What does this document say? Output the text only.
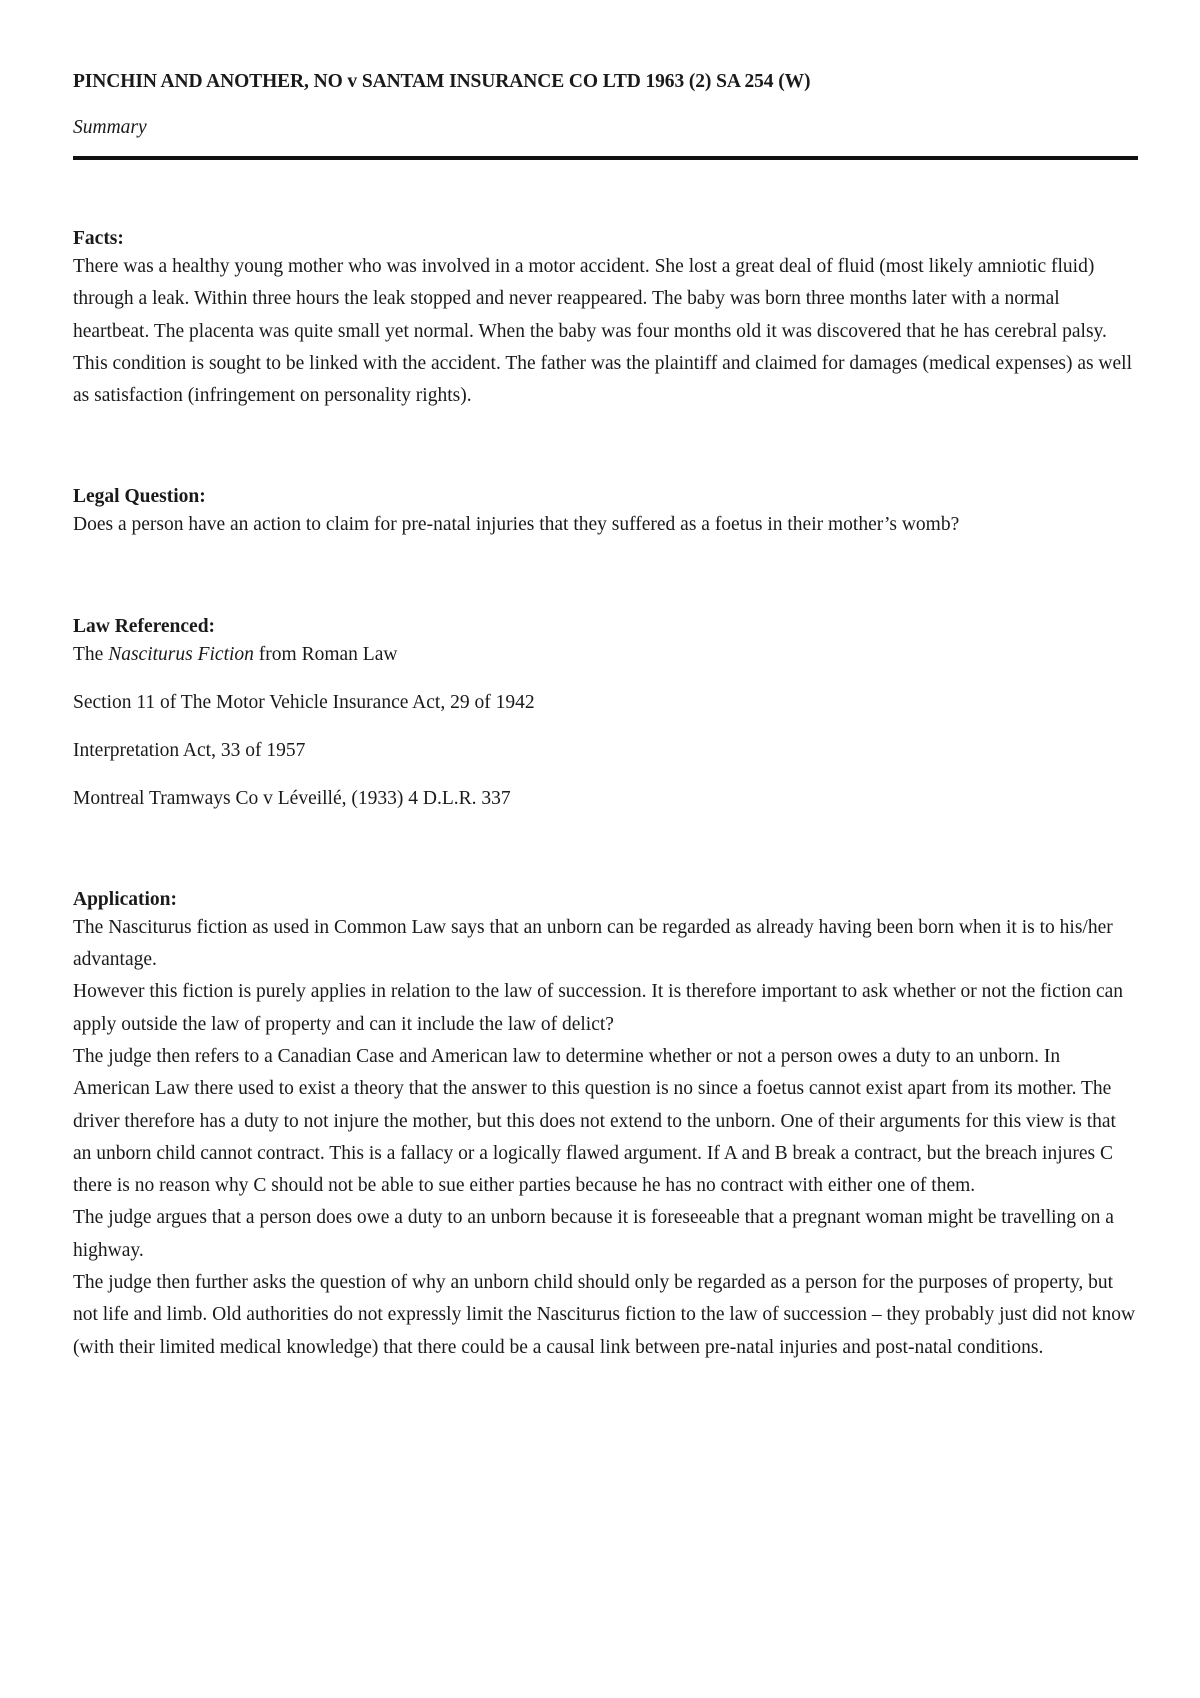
PINCHIN AND ANOTHER, NO v SANTAM INSURANCE CO LTD 1963 (2) SA 254 (W)
Summary
Facts:

There was a healthy young mother who was involved in a motor accident. She lost a great deal of fluid (most likely amniotic fluid) through a leak. Within three hours the leak stopped and never reappeared. The baby was born three months later with a normal heartbeat. The placenta was quite small yet normal. When the baby was four months old it was discovered that he has cerebral palsy. This condition is sought to be linked with the accident. The father was the plaintiff and claimed for damages (medical expenses) as well as satisfaction (infringement on personality rights).

Legal Question:

Does a person have an action to claim for pre-natal injuries that they suffered as a foetus in their mother’s womb?

Law Referenced:

The Nasciturus Fiction from Roman Law

Section 11 of The Motor Vehicle Insurance Act, 29 of 1942

Interpretation Act, 33 of 1957

Montreal Tramways Co v Léveillé, (1933) 4 D.L.R. 337

Application:

The Nasciturus fiction as used in Common Law says that an unborn can be regarded as already having been born when it is to his/her advantage.

However this fiction is purely applies in relation to the law of succession. It is therefore important to ask whether or not the fiction can apply outside the law of property and can it include the law of delict?

The judge then refers to a Canadian Case and American law to determine whether or not a person owes a duty to an unborn. In American Law there used to exist a theory that the answer to this question is no since a foetus cannot exist apart from its mother. The driver therefore has a duty to not injure the mother, but this does not extend to the unborn. One of their arguments for this view is that an unborn child cannot contract. This is a fallacy or a logically flawed argument. If A and B break a contract, but the breach injures C there is no reason why C should not be able to sue either parties because he has no contract with either one of them.

The judge argues that a person does owe a duty to an unborn because it is foreseeable that a pregnant woman might be travelling on a highway.

The judge then further asks the question of why an unborn child should only be regarded as a person for the purposes of property, but not life and limb. Old authorities do not expressly limit the Nasciturus fiction to the law of succession – they probably just did not know (with their limited medical knowledge) that there could be a causal link between pre-natal injuries and post-natal conditions.
